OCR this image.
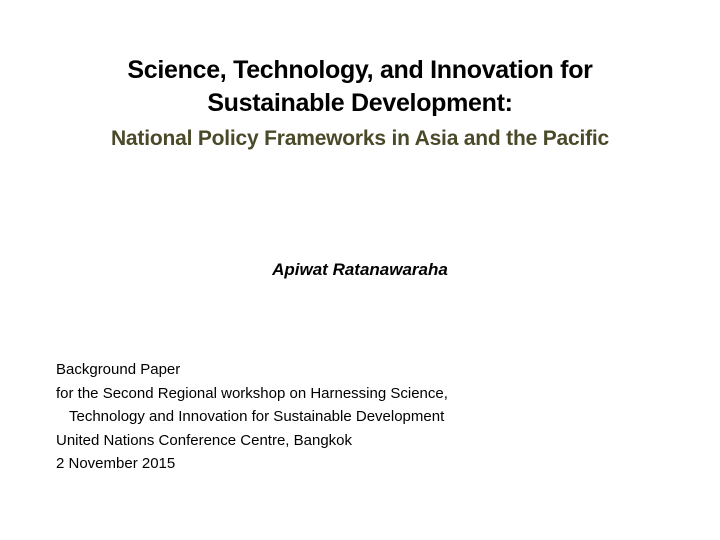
Science, Technology, and Innovation for
Sustainable Development:
National Policy Frameworks in Asia and the Pacific
Apiwat Ratanawaraha
Background Paper
for the Second Regional workshop on Harnessing Science,
Technology and Innovation for Sustainable Development
United Nations Conference Centre, Bangkok
2 November 2015
